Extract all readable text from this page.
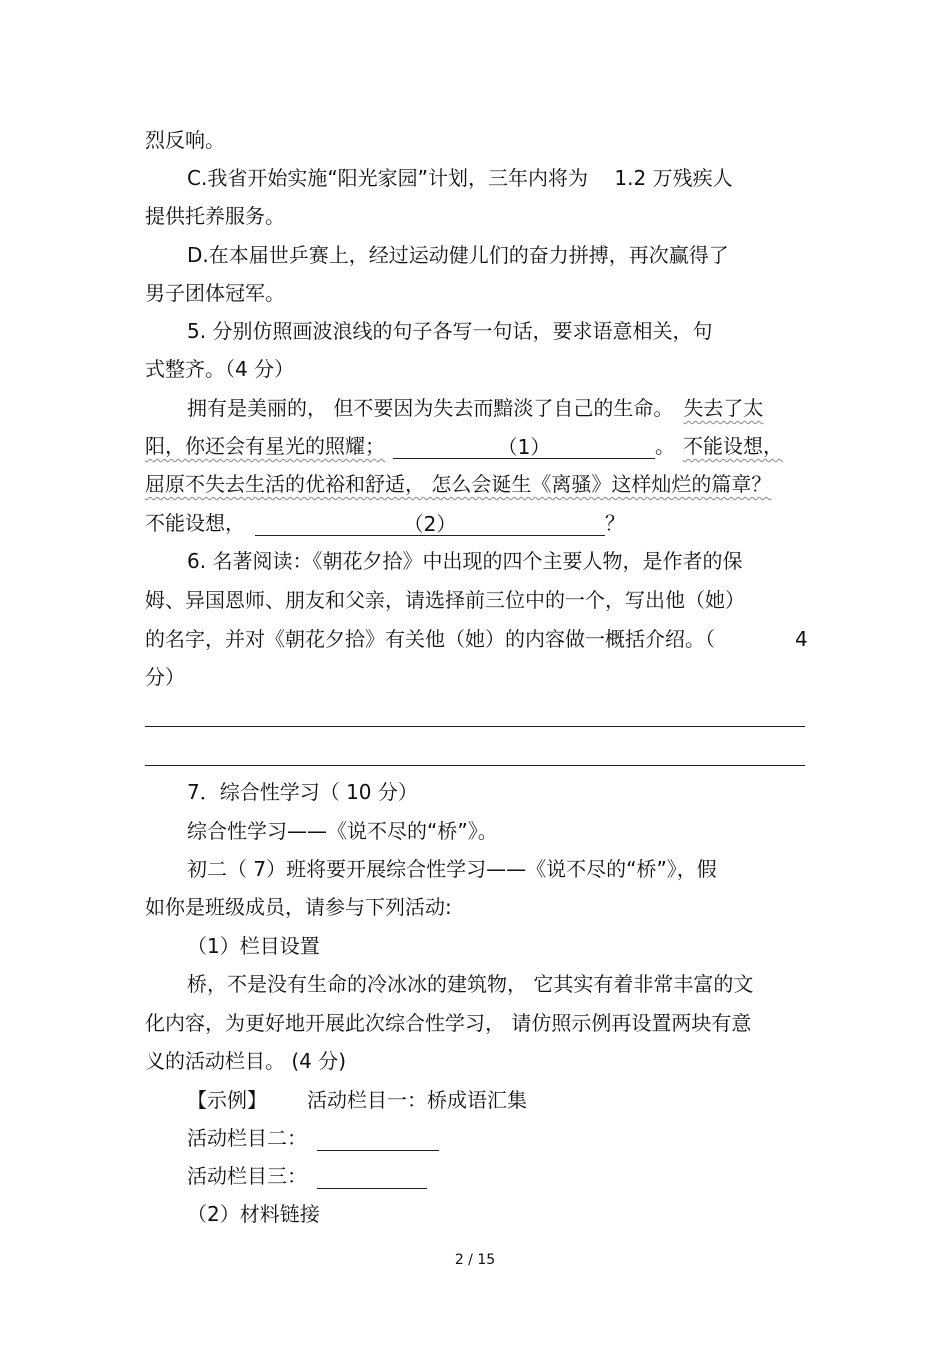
烈反响。
C.我省开始实施“阳光家园”计划，三年内将为　 1.2 万残疾人
提供托养服务。
D.在本届世乒赛上，经过运动健儿们的奋力拼搏，再次赢得了
男子团体冠军。
5. 分别仿照画波浪线的句子各写一句话，要求语意相关，句
式整齐。（4 分）
拥有是美丽的， 但不要因为失去而黯淡了自己的生命。　失去了太
阳，你还会有星光的照耀；	（1）	。 不能设想，
屈原不失去生活的优裕和舒适， 怎么会诞生《离骚》这样灿烂的篇章？
不能设想，	（2）	？
6. 名著阅读：《朝花夕拾》中出现的四个主要人物，是作者的保
姆、异国恩师、朋友和父亲，请选择前三位中的一个，写出他（她）
的名字，并对《朝花夕拾》有关他（她）的内容做一概括介绍。（	4
分）
7．综合性学习（ 10 分）
综合性学习——《说不尽的“桥”》。
初二（ 7）班将要开展综合性学习——《说不尽的“桥”》，假
如你是班级成员，请参与下列活动:
（1）栏目设置
桥，不是没有生命的冷冰冰的建筑物， 它其实有着非常丰富的文
化内容，为更好地开展此次综合性学习， 请仿照示例再设置两块有意
义的活动栏目。 (4 分)
【示例】 活动栏目一：桥成语汇集
活动栏目二：
活动栏目三：
（2）材料链接
2 / 15
